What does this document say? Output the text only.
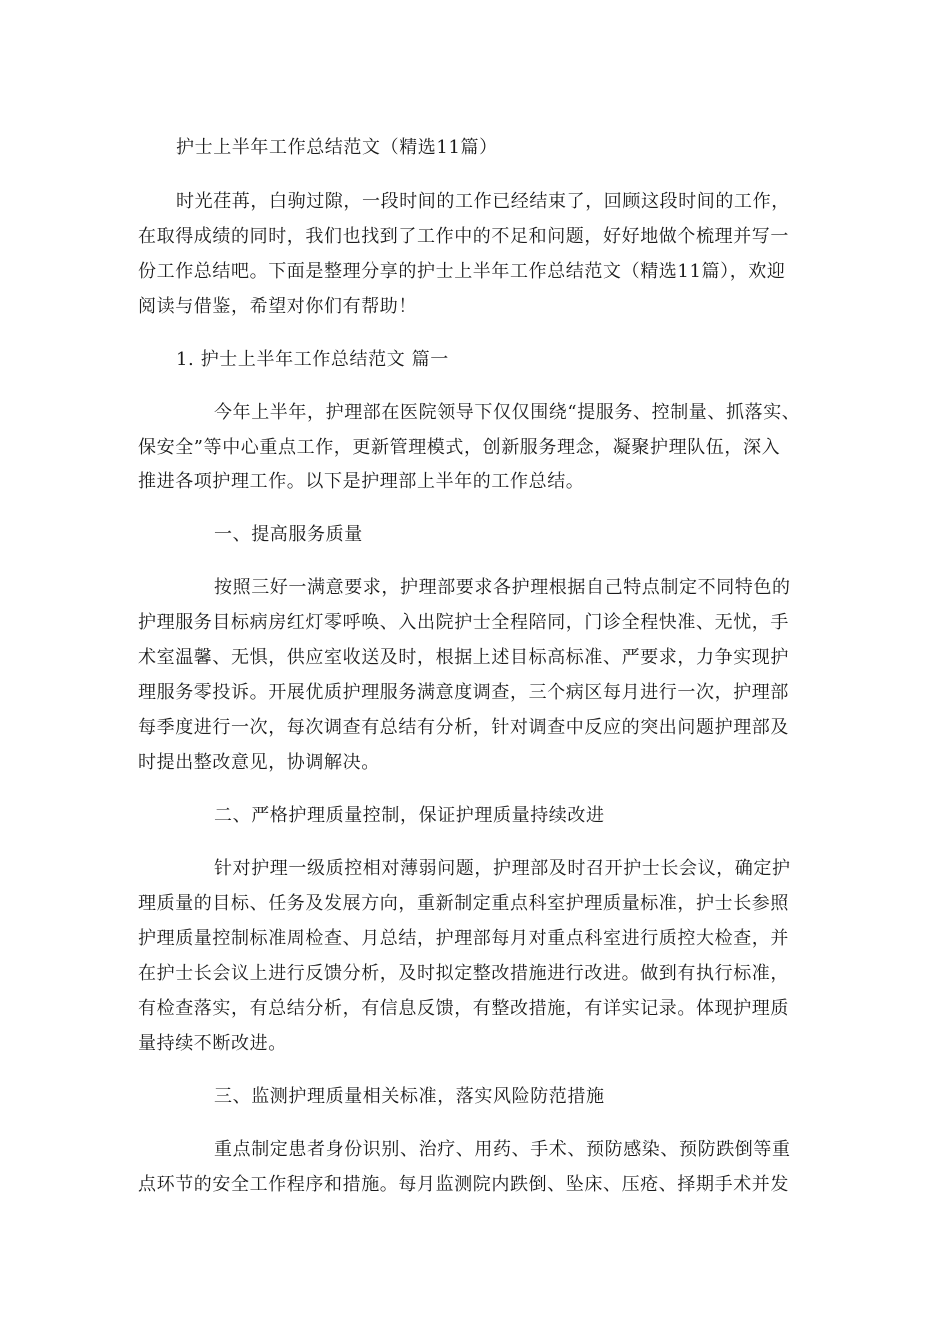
护士上半年工作总结范文（精选11篇）
时光荏苒，白驹过隙，一段时间的工作已经结束了，回顾这段时间的工作，
在取得成绩的同时，我们也找到了工作中的不足和问题，好好地做个梳理并写一
份工作总结吧。下面是整理分享的护士上半年工作总结范文（精选11篇），欢迎
阅读与借鉴，希望对你们有帮助！
1. 护士上半年工作总结范文 篇一
今年上半年，护理部在医院领导下仅仅围绕“提服务、控制量、抓落实、
保安全”等中心重点工作，更新管理模式，创新服务理念，凝聚护理队伍，深入
推进各项护理工作。以下是护理部上半年的工作总结。
一、提高服务质量
按照三好一满意要求，护理部要求各护理根据自己特点制定不同特色的
护理服务目标病房红灯零呼唤、入出院护士全程陪同，门诊全程快准、无忧，手
术室温馨、无惧，供应室收送及时，根据上述目标高标准、严要求，力争实现护
理服务零投诉。开展优质护理服务满意度调查，三个病区每月进行一次，护理部
每季度进行一次，每次调查有总结有分析，针对调查中反应的突出问题护理部及
时提出整改意见，协调解决。
二、严格护理质量控制，保证护理质量持续改进
针对护理一级质控相对薄弱问题，护理部及时召开护士长会议，确定护
理质量的目标、任务及发展方向，重新制定重点科室护理质量标准，护士长参照
护理质量控制标准周检查、月总结，护理部每月对重点科室进行质控大检查，并
在护士长会议上进行反馈分析，及时拟定整改措施进行改进。做到有执行标准，
有检查落实，有总结分析，有信息反馈，有整改措施，有详实记录。体现护理质
量持续不断改进。
三、监测护理质量相关标准，落实风险防范措施
重点制定患者身份识别、治疗、用药、手术、预防感染、预防跌倒等重
点环节的安全工作程序和措施。每月监测院内跌倒、坠床、压疮、择期手术并发
